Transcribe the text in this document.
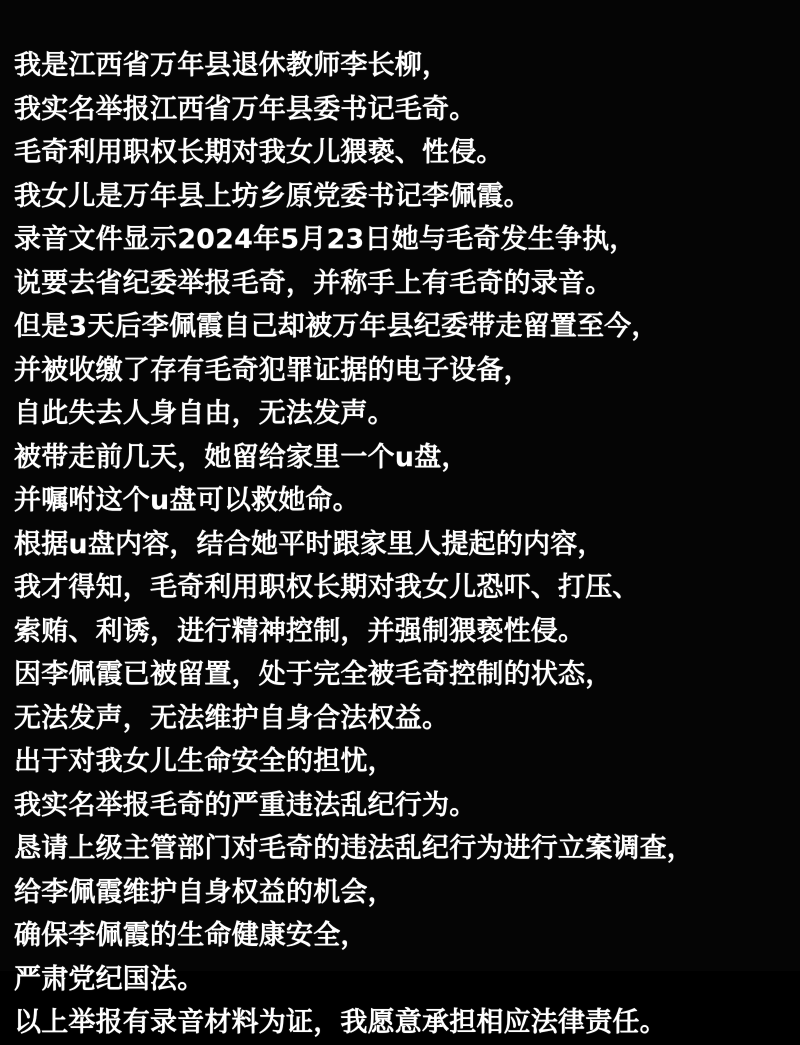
我是江西省万年县退休教师李长柳，
我实名举报江西省万年县委书记毛奇。
毛奇利用职权长期对我女儿猥亵、性侵。
我女儿是万年县上坊乡原党委书记李佩霞。
录音文件显示2024年5月23日她与毛奇发生争执，
说要去省纪委举报毛奇，并称手上有毛奇的录音。
但是3天后李佩霞自己却被万年县纪委带走留置至今，
并被收缴了存有毛奇犯罪证据的电子设备，
自此失去人身自由，无法发声。
被带走前几天，她留给家里一个u盘，
并嘱咐这个u盘可以救她命。
根据u盘内容，结合她平时跟家里人提起的内容，
我才得知，毛奇利用职权长期对我女儿恐吓、打压、
索贿、利诱，进行精神控制，并强制猥亵性侵。
因李佩霞已被留置，处于完全被毛奇控制的状态，
无法发声，无法维护自身合法权益。
出于对我女儿生命安全的担忧，
我实名举报毛奇的严重违法乱纪行为。
恳请上级主管部门对毛奇的违法乱纪行为进行立案调查，
给李佩霞维护自身权益的机会，
确保李佩霞的生命健康安全，
严肃党纪国法。
以上举报有录音材料为证，我愿意承担相应法律责任。
